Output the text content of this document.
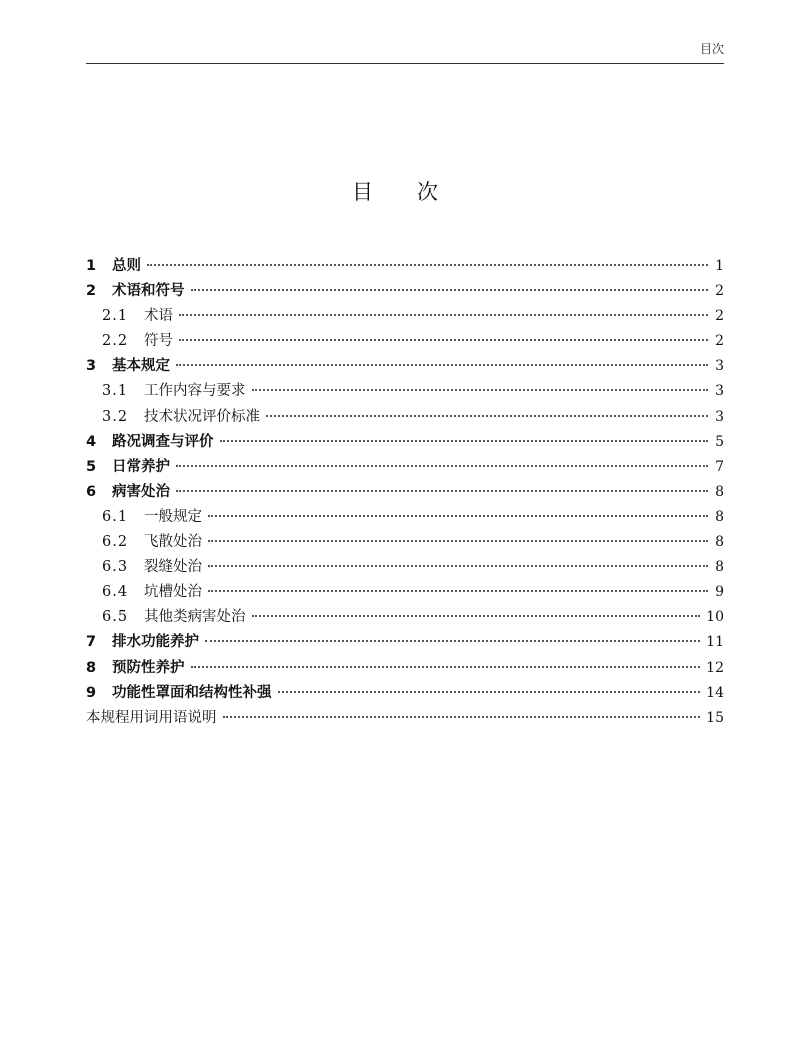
目次
目次
1	总则	1
2	术语和符号	2
2.1	术语	2
2.2	符号	2
3	基本规定	3
3.1	工作内容与要求	3
3.2	技术状况评价标准	3
4	路况调查与评价	5
5	日常养护	7
6	病害处治	8
6.1	一般规定	8
6.2	飞散处治	8
6.3	裂缝处治	8
6.4	坑槽处治	9
6.5	其他类病害处治	10
7	排水功能养护	11
8	预防性养护	12
9	功能性罩面和结构性补强	14
本规程用词用语说明	15
